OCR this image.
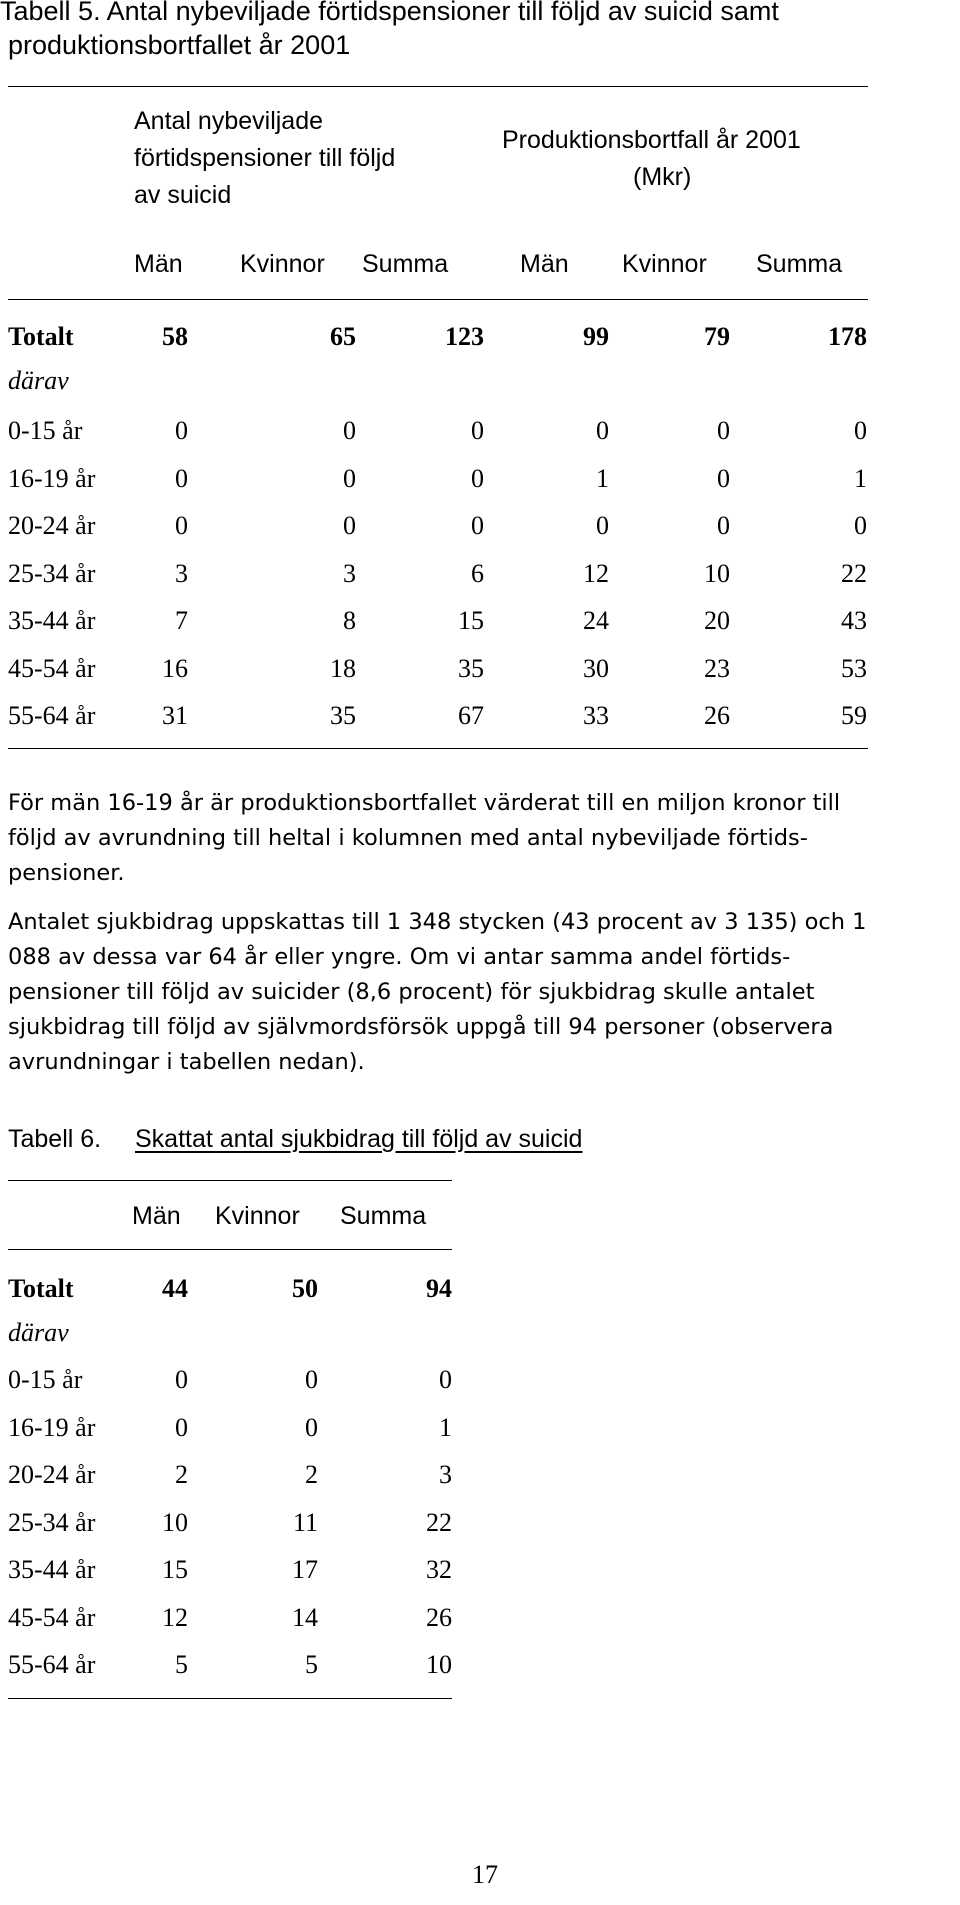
Tabell 5. Antal nybeviljade förtidspensioner till följd av suicid samt
produktionsbortfallet år 2001
Antal nybeviljade
förtidspensioner till följd
av suicid
Produktionsbortfall år 2001
(Mkr)
Män Kvinnor Summa	Män Kvinnor Summa
Totalt	58	65	123	99	79	178
därav
0-15 år	0	0	0	0	0	0
16-19 år	0	0	0	1	0	1
20-24 år	0	0	0	0	0	0
25-34 år	3	3	6	12	10	22
35-44 år	7	8	15	24	20	43
45-54 år	16	18	35	30	23	53
55-64 år	31	35	67	33	26	59
För män 16-19 år är produktionsbortfallet värderat till en miljon kronor till
följd av avrundning till heltal i kolumnen med antal nybeviljade förtids-
pensioner.
Antalet sjukbidrag uppskattas till 1 348 stycken (43 procent av 3 135) och 1
088 av dessa var 64 år eller yngre. Om vi antar samma andel förtids-
pensioner till följd av suicider (8,6 procent) för sjukbidrag skulle antalet
sjukbidrag till följd av självmordsförsök uppgå till 94 personer (observera
avrundningar i tabellen nedan).
Tabell 6. Skattat antal sjukbidrag till följd av suicid
Män Kvinnor Summa
Totalt	44	50	94
därav
0-15 år	0	0	0
16-19 år	0	0	1
20-24 år	2	2	3
25-34 år	10	11	22
35-44 år	15	17	32
45-54 år	12	14	26
55-64 år	5	5	10
17
